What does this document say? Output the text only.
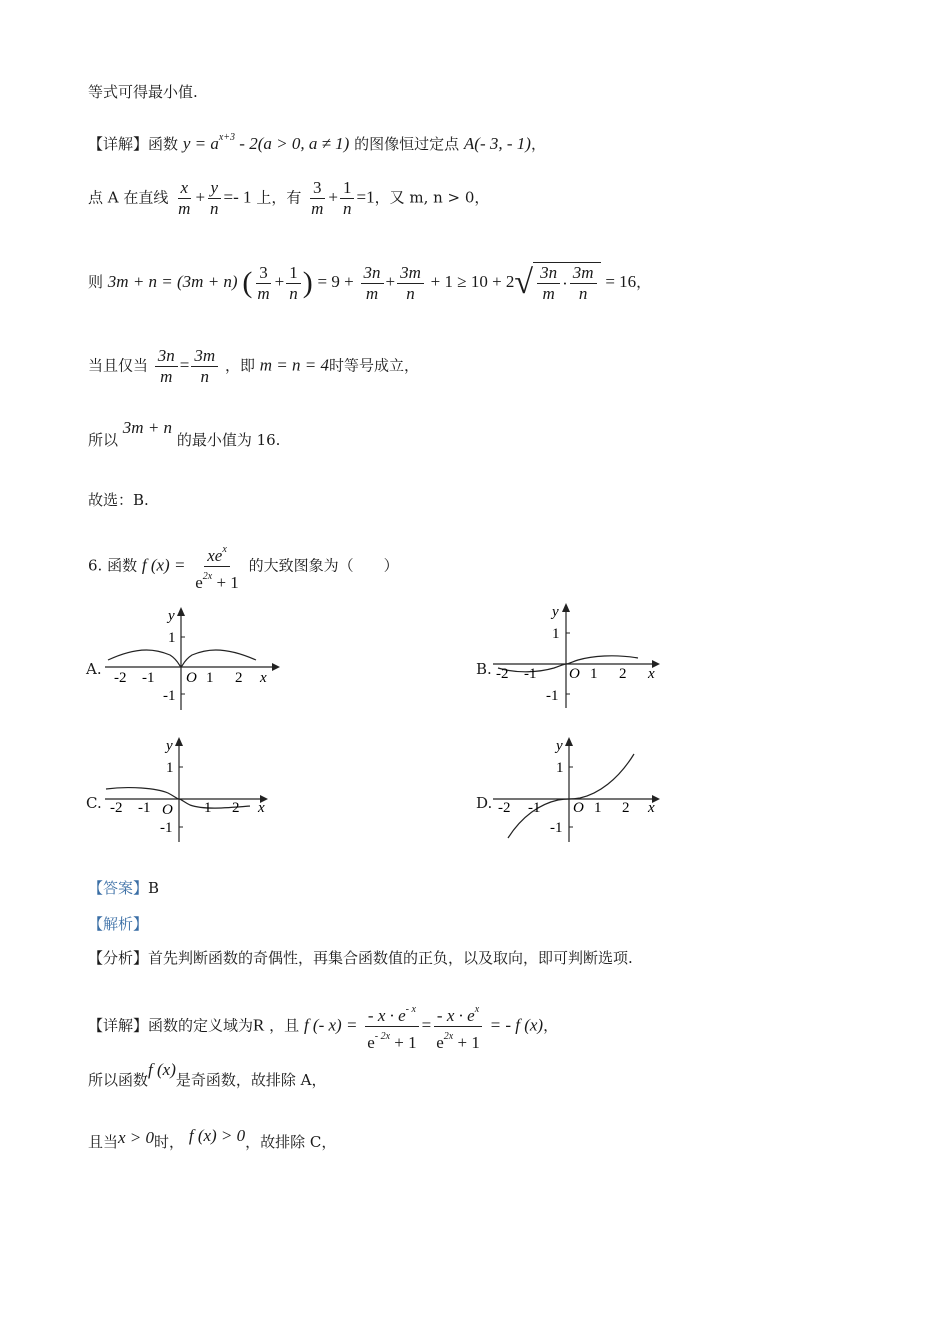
等式可得最小值.
【详解】函数 $y = a^{x+3} - 2(a > 0$, a ≠ 1) 的图像恒过定点 A(- 3, - 1)，
点 A 在直线 $\frac{x}{m} + \frac{y}{n} =- 1$ 上，有 $\frac{3}{m} + \frac{1}{n} =1$，又 m, n > 0，
则 3m + n = (3m + n) ( $\frac{3}{m} + \frac{1}{n}$ ) = $9 + \frac{3n}{m} + \frac{3m}{n} + 1 \ge 10 + 2$ √ $\frac{3n}{m} \cdot \frac{3m}{n} = 16$，
当且仅当 $\frac{3n}{m} = \frac{3m}{n}$ ，即 m = n = 4时等号成立，
所以 3m + n 的最小值为 16.
故选：B.
6. 函数 f $(x) = \frac{xe^x}{e^{2x} + 1}$ 的大致图象为（　　）
A.
y
1
-1
O	x
-2 -1	1 2	B.
y
1
-1
O	x
-2 -1	1 2
C.
y
1
-1
O	x
-2 -1	1 2	D.
y
1
-1
O	x
-2 -1	1 2
【答案】B
【解析】
【分析】首先判断函数的奇偶性，再集合函数值的正负，以及取向，即可判断选项.
【详解】函数的定义域为R ，且 f (- $x) = \frac{- x \cdot e^{- x}}{e^{- 2x} + 1} = \frac{- x \cdot e^x}{e^{2x} + 1}$ = - f (x)，
所以函数f (x)是奇函数，故排除 A，
且当x > 0时， f (x) > 0，故排除 C，
